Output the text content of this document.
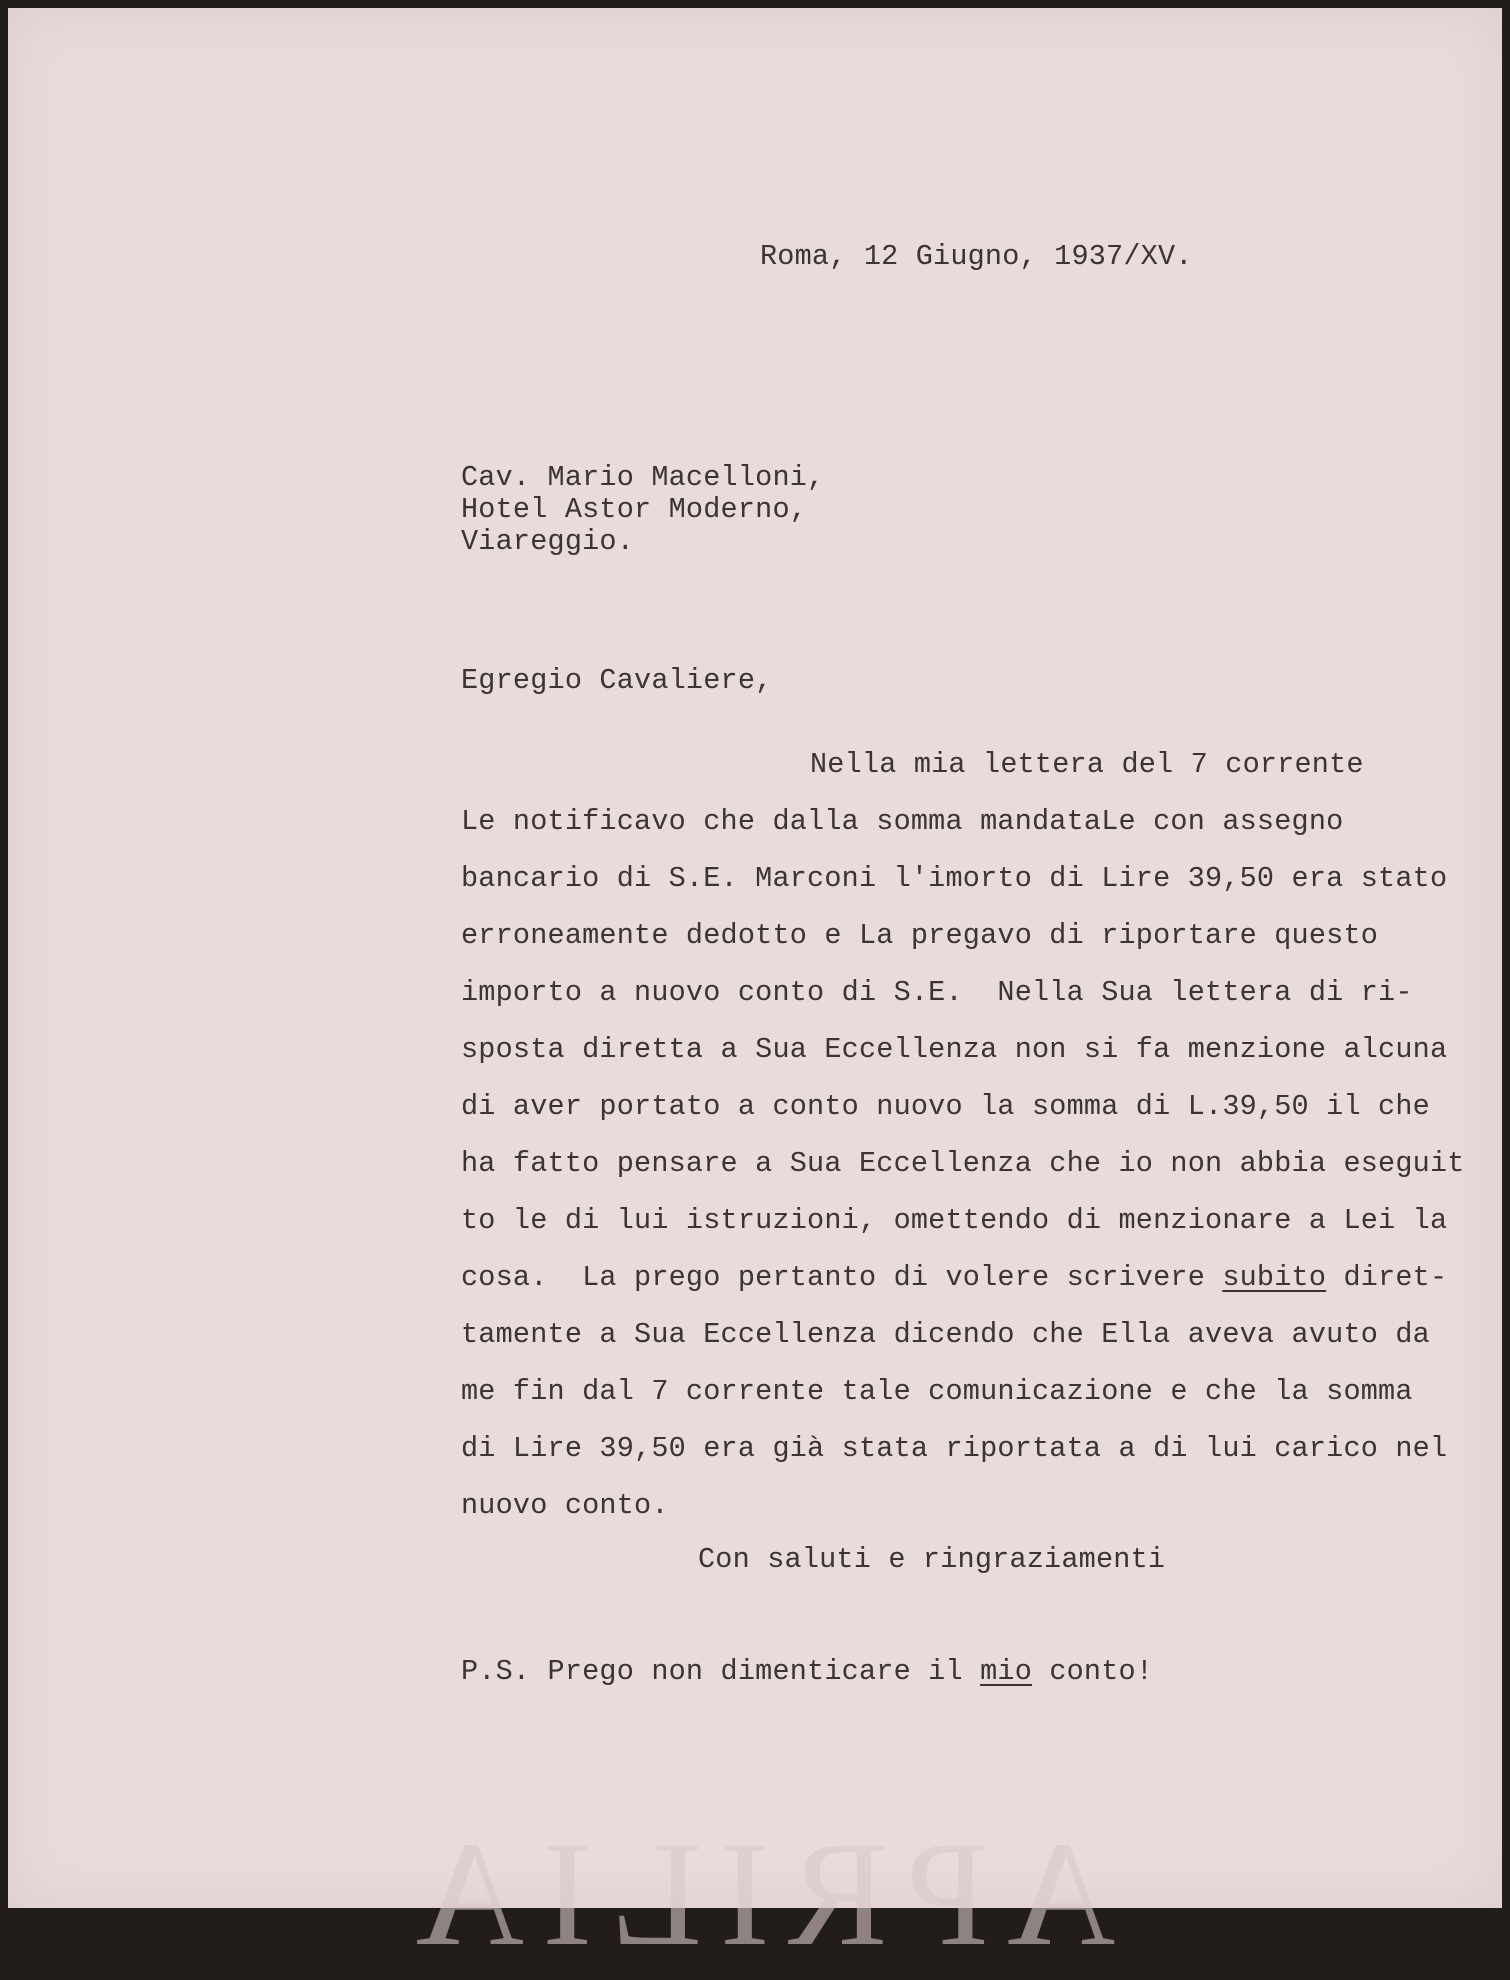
APRILIA

Roma, 12 Giugno, 1937/XV.

Cav. Mario Macelloni,

Hotel Astor Moderno,

Viareggio.

Egregio Cavaliere,

Nella mia lettera del 7 corrente

Le notificavo che dalla somma mandataLe con assegno

bancario di S.E. Marconi l'imorto di Lire 39,50 era stato

erroneamente dedotto e La pregavo di riportare questo

importo a nuovo conto di S.E.  Nella Sua lettera di ri-

sposta diretta a Sua Eccellenza non si fa menzione alcuna

di aver portato a conto nuovo la somma di L.39,50 il che

ha fatto pensare a Sua Eccellenza che io non abbia eseguit

to le di lui istruzioni, omettendo di menzionare a Lei la

cosa.  La prego pertanto di volere scrivere subito diret-

tamente a Sua Eccellenza dicendo che Ella aveva avuto da

me fin dal 7 corrente tale comunicazione e che la somma

di Lire 39,50 era già stata riportata a di lui carico nel

nuovo conto.

Con saluti e ringraziamenti

P.S. Prego non dimenticare il mio conto!
